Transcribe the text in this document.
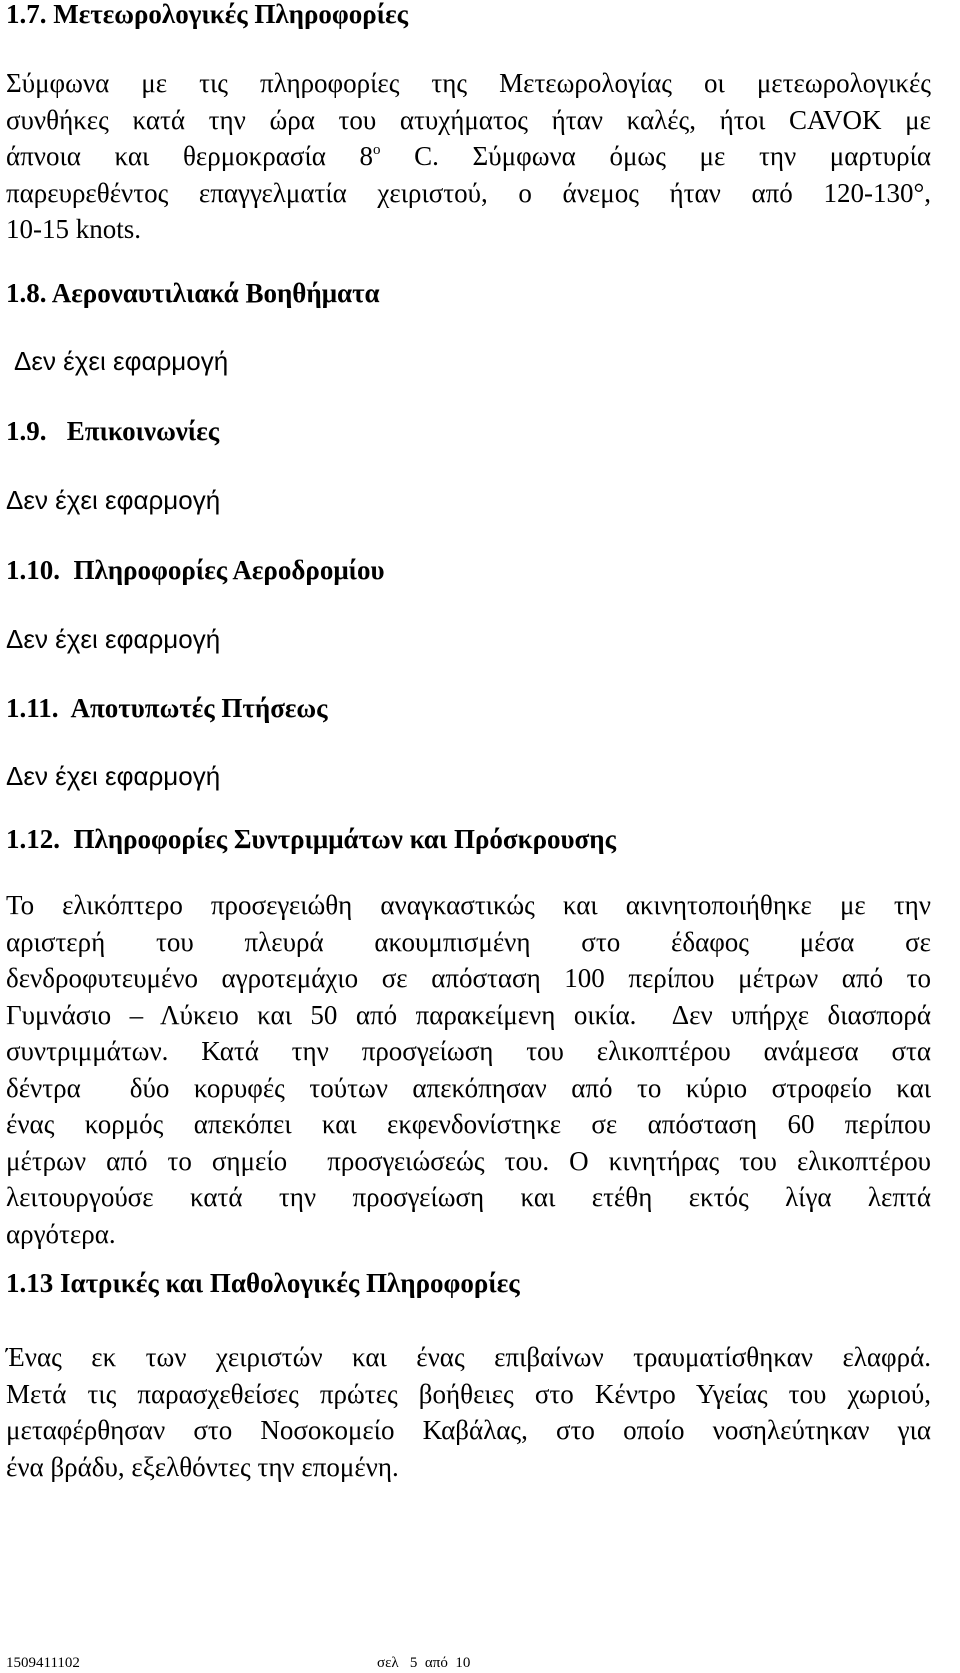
1.7. Μετεωρολογικές Πληροφορίες
Σύμφωνα με τις πληροφορίες της Μετεωρολογίας οι μετεωρολογικές
συνθήκες κατά την ώρα του ατυχήματος ήταν καλές, ήτοι CAVOK με
άπνοια και θερμοκρασία 8$^o$ C. Σύμφωνα όμως με την μαρτυρία
παρευρεθέντος επαγγελματία χειριστού, ο άνεμος ήταν από 120-130°,
10-15 knots.
1.8. Αεροναυτιλιακά Βοηθήματα
Δεν έχει εφαρμογή
1.9.   Επικοινωνίες
Δεν έχει εφαρμογή
1.10.  Πληροφορίες Αεροδρομίου
Δεν έχει εφαρμογή
1.11.  Αποτυπωτές Πτήσεως
Δεν έχει εφαρμογή
1.12.  Πληροφορίες Συντριμμάτων και Πρόσκρουσης
Το ελικόπτερο προσεγειώθη αναγκαστικώς και ακινητοποιήθηκε με την
αριστερή του πλευρά ακουμπισμένη στο έδαφος μέσα σε
δενδροφυτευμένο αγροτεμάχιο σε απόσταση 100 περίπου μέτρων από το
Γυμνάσιο – Λύκειο και 50 από παρακείμενη οικία.  Δεν υπήρχε διασπορά
συντριμμάτων. Κατά την προσγείωση του ελικοπτέρου ανάμεσα στα
δέντρα  δύο κορυφές τούτων απεκόπησαν από το κύριο στροφείο και
ένας κορμός απεκόπει και εκφενδονίστηκε σε απόσταση 60 περίπου
μέτρων από το σημείο  προσγειώσεώς του. Ο κινητήρας του ελικοπτέρου
λειτουργούσε κατά την προσγείωση και ετέθη εκτός λίγα λεπτά
αργότερα.
1.13 Ιατρικές και Παθολογικές Πληροφορίες
Ένας εκ των χειριστών και ένας επιβαίνων τραυματίσθηκαν ελαφρά.
Μετά τις παρασχεθείσες πρώτες βοήθειες στο Κέντρο Υγείας του χωριού,
μεταφέρθησαν στο Νοσοκομείο Καβάλας, στο οποίο νοσηλεύτηκαν για
ένα βράδυ, εξελθόντες την επομένη.
1509411102	σελ   5  από  10
